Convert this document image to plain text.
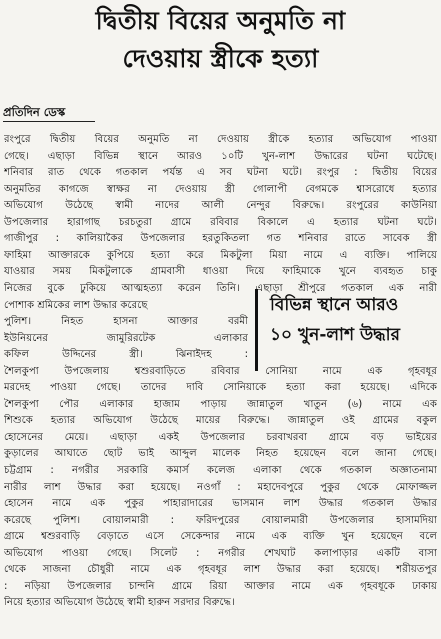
দ্বিতীয় বিয়ের অনুমতি না
দেওয়ায় স্ত্রীকে হত্যা
প্রতিদিন ডেস্ক
বিভিন্ন স্থানে আরও
১০ খুন-লাশ উদ্ধার
রংপুরে দ্বিতীয় বিয়ের অনুমতি না দেওয়ায় স্ত্রীকে হত্যার অভিযোগ পাওয়া
গেছে। এছাড়া বিভিন্ন স্থানে আরও ১০টি খুন-লাশ উদ্ধারের ঘটনা ঘটেছে।
শনিবার রাত থেকে গতকাল পর্যন্ত এ সব ঘটনা ঘটে। রংপুর : দ্বিতীয় বিয়ের
অনুমতির কাগজে স্বাক্ষর না দেওয়ায় স্ত্রী গোলাপী বেগমকে শ্বাসরোধে হত্যার
অভিযোগ উঠেছে স্বামী নাদের আলী নেন্দুর বিরুদ্ধে। রংপুরের কাউনিয়া
উপজেলার হারাগাছ চরচতুরা গ্রামে রবিবার বিকালে এ হত্যার ঘটনা ঘটে।
গাজীপুর : কালিয়াকৈর উপজেলার হরতুকিতলা গত শনিবার রাতে সাবেক স্ত্রী
ফাহিমা আক্তারকে কুপিয়ে হত্যা করে মিকটুলা মিয়া নামে এ ব্যক্তি। পালিয়ে
যাওয়ার সময় মিকটুলাকে গ্রামবাসী ধাওয়া দিয়ে ফাহিমাকে খুনে ব্যবহৃত চাকু
নিজের বুকে ঢুকিয়ে আত্মহত্যা করেন তিনি। এছাড়া শ্রীপুরে গতকাল এক নারী
পোশাক শ্রমিকের লাশ উদ্ধার করেছে
পুলিশ। নিহত হাসনা আক্তার বরমী
ইউনিয়নের জামুরিরটেক এলাকার
কফিল উদ্দিনের স্ত্রী। ঝিনাইদহ :
শৈলকুপা উপজেলায় শ্বশুরবাড়িতে রবিবার সোনিয়া নামে এক গৃহবধূর
মরদেহ পাওয়া গেছে। তাদের দাবি সোনিয়াকে হত্যা করা হয়েছে। এদিকে
শৈলকুপা পৌর এলাকার হাজাম পাড়ায় জান্নাতুল খাতুন (৬) নামে এক
শিশুকে হত্যার অভিযোগ উঠেছে মায়ের বিরুদ্ধে। জান্নাতুল ওই গ্রামের বকুল
হোসেনের মেয়ে। এছাড়া একই উপজেলার চরবাখরবা গ্রামে বড় ভাইয়ের
কুড়ালের আঘাতে ছোট ভাই আব্দুল মালেক নিহত হয়েছেন বলে জানা গেছে।
চট্টগ্রাম : নগরীর সরকারি কমার্স কলেজ এলাকা থেকে গতকাল অজ্ঞাতনামা
নারীর লাশ উদ্ধার করা হয়েছে। নওগাঁ : মহাদেবপুরে পুকুর থেকে মোফাজ্জল
হোসেন নামে এক পুকুর পাহারাদারের ভাসমান লাশ উদ্ধার গতকাল উদ্ধার
করেছে পুলিশ। বোয়ালমারী : ফরিদপুরের বোয়ালমারী উপজেলার হাসামদিয়া
গ্রামে শ্বশুরবাড়ি বেড়াতে এসে সেকেন্দার নামে এক ব্যক্তি খুন হয়েছেন বলে
অভিযোগ পাওয়া গেছে। সিলেট : নগরীর শেখঘাট কলাপাড়ার একটি বাসা
থেকে সাজনা চৌধুরী নামে এক গৃহবধূর লাশ উদ্ধার করা হয়েছে। শরীয়তপুর
: নড়িয়া উপজেলার চান্দনি গ্রামে রিয়া আক্তার নামে এক গৃহবধূকে ঢাকায়
নিয়ে হত্যার অভিযোগ উঠেছে স্বামী হারুন সরদার বিরুদ্ধে।
